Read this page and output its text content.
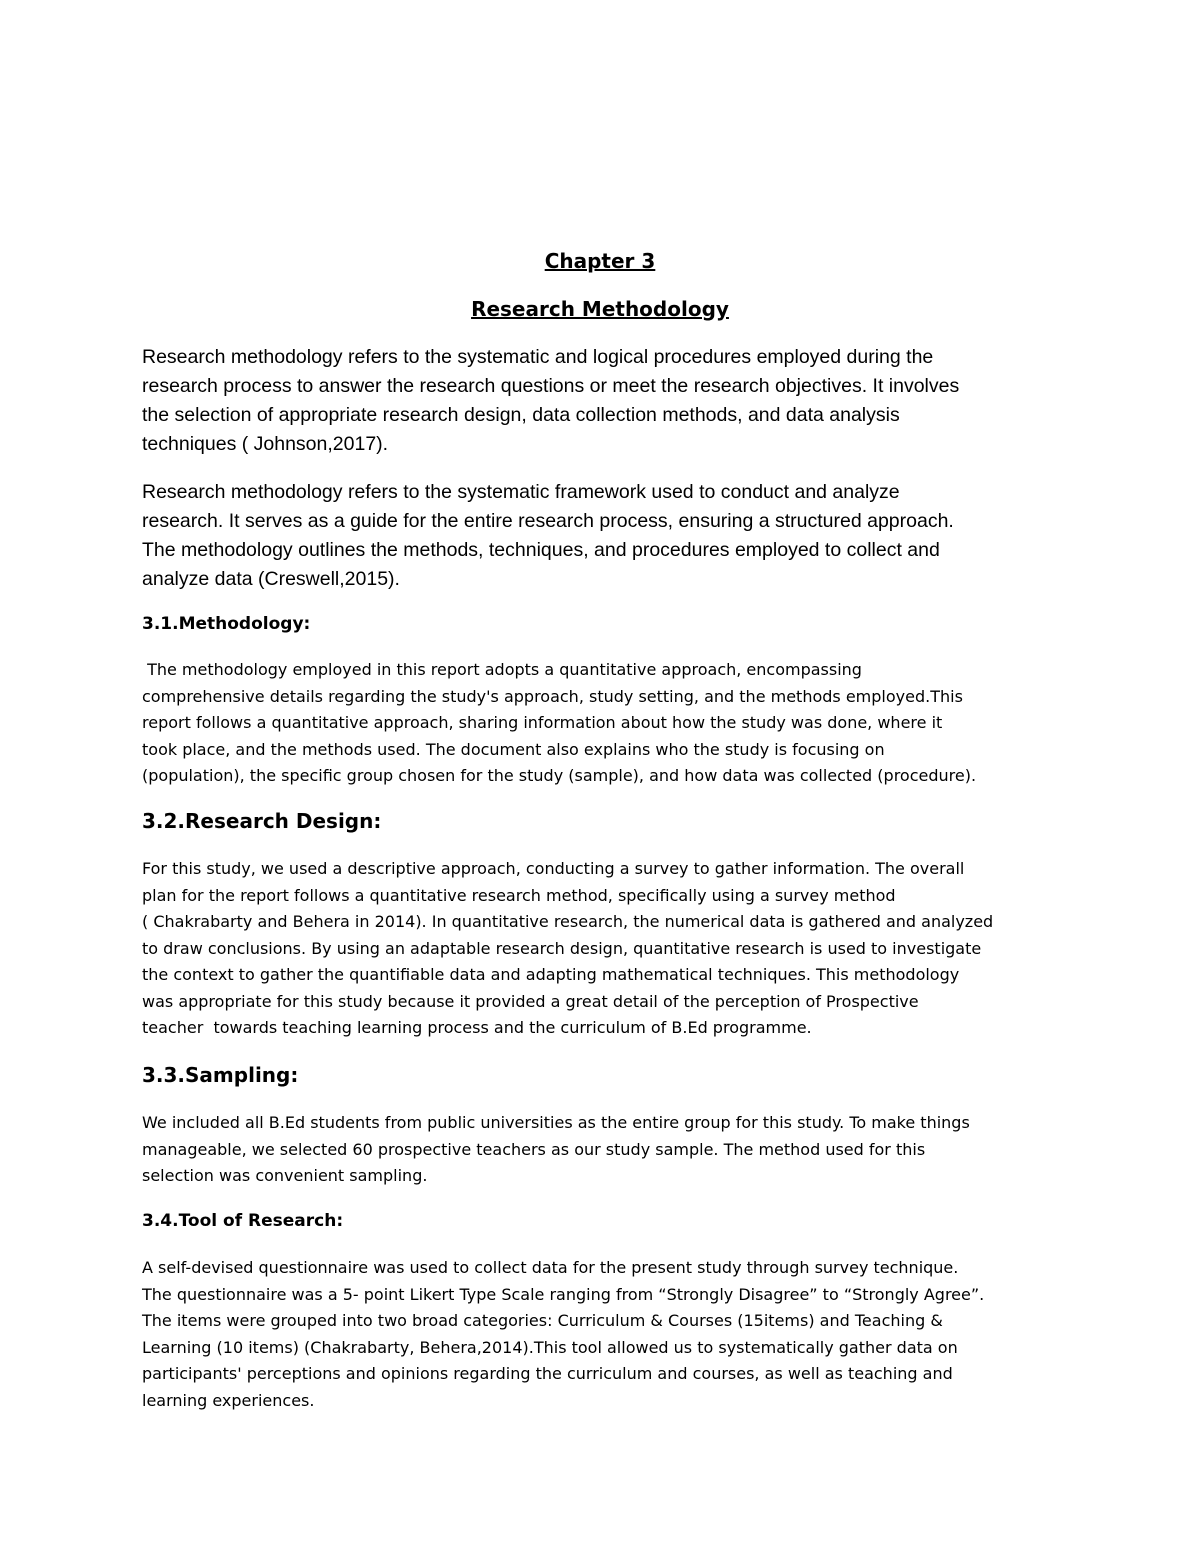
Chapter 3
Research Methodology

Research methodology refers to the systematic and logical procedures employed during the
research process to answer the research questions or meet the research objectives. It involves
the selection of appropriate research design, data collection methods, and data analysis
techniques ( Johnson,2017).

Research methodology refers to the systematic framework used to conduct and analyze
research. It serves as a guide for the entire research process, ensuring a structured approach.
The methodology outlines the methods, techniques, and procedures employed to collect and
analyze data (Creswell,2015).

3.1.Methodology:

The methodology employed in this report adopts a quantitative approach, encompassing
comprehensive details regarding the study's approach, study setting, and the methods employed.This
report follows a quantitative approach, sharing information about how the study was done, where it
took place, and the methods used. The document also explains who the study is focusing on
(population), the specific group chosen for the study (sample), and how data was collected (procedure).

3.2.Research Design:

For this study, we used a descriptive approach, conducting a survey to gather information. The overall
plan for the report follows a quantitative research method, specifically using a survey method
( Chakrabarty and Behera in 2014). In quantitative research, the numerical data is gathered and analyzed
to draw conclusions. By using an adaptable research design, quantitative research is used to investigate
the context to gather the quantifiable data and adapting mathematical techniques. This methodology
was appropriate for this study because it provided a great detail of the perception of Prospective
teacher  towards teaching learning process and the curriculum of B.Ed programme.

3.3.Sampling:

We included all B.Ed students from public universities as the entire group for this study. To make things
manageable, we selected 60 prospective teachers as our study sample. The method used for this
selection was convenient sampling.

3.4.Tool of Research:

A self-devised questionnaire was used to collect data for the present study through survey technique.
The questionnaire was a 5- point Likert Type Scale ranging from “Strongly Disagree” to “Strongly Agree”.
The items were grouped into two broad categories: Curriculum & Courses (15items) and Teaching &
Learning (10 items) (Chakrabarty, Behera,2014).This tool allowed us to systematically gather data on
participants' perceptions and opinions regarding the curriculum and courses, as well as teaching and
learning experiences.
